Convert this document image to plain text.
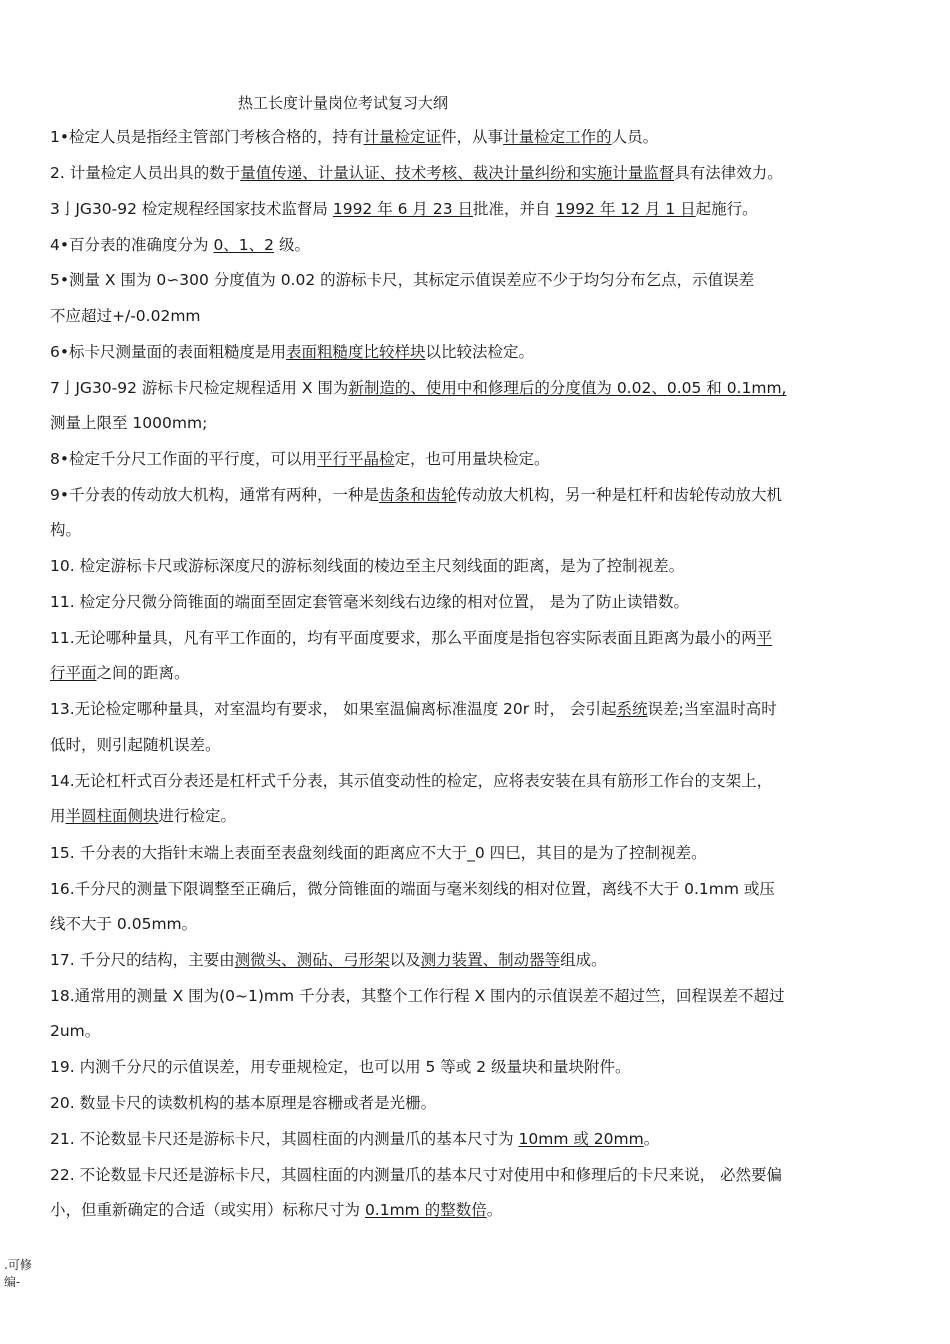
热工长度计量岗位考试复习大纲
1•检定人员是指经主管部门考核合格的，持有计量检定证件，从事计量检定工作的人员。
2. 计量检定人员出具的数于量值传递、计量认证、技术考核、裁决计量纠纷和实施计量监督具有法律效力。
3亅JG30-92 检定规程经国家技术监督局 1992 年 6 月 23 日批准，并自 1992 年 12 月 1 日起施行。
4•百分表的准确度分为 0、1、2 级。
5•测量 X 围为 0∽300 分度值为 0.02 的游标卡尺，其标定示值误差应不少于均匀分布乞点，示值误差
不应超过+/-0.02mm
6•标卡尺测量面的表面粗糙度是用表面粗糙度比较样块以比较法检定。
7亅JG30-92 游标卡尺检定规程适用 X 围为新制造的、使用中和修理后的分度值为 0.02、0.05 和 0.1mm,
测量上限至 1000mm;
8•检定千分尺工作面的平行度，可以用平行平晶检定，也可用量块检定。
9•千分表的传动放大机构，通常有两种，一种是齿条和齿轮传动放大机构，另一种是杠杆和齿轮传动放大机
构。
10. 检定游标卡尺或游标深度尺的游标刻线面的棱边至主尺刻线面的距离，是为了控制视差。
11. 检定分尺微分筒锥面的端面至固定套管毫米刻线右边缘的相对位置， 是为了防止读错数。
11.无论哪种量具，凡有平工作面的，均有平面度要求，那么平面度是指包容实际表面且距离为最小的两平
行平面之间的距离。
13.无论检定哪种量具，对室温均有要求， 如果室温偏离标准温度 20r 时， 会引起系统误差;当室温时高时
低时，则引起随机误差。
14.无论杠杆式百分表还是杠杆式千分表，其示值变动性的检定，应将表安装在具有筋形工作台的支架上，
用半圆柱面侧块进行检定。
15. 千分表的大指针末端上表面至表盘刻线面的距离应不大于_0 四巳，其目的是为了控制视差。
16.千分尺的测量下限调整至正确后，微分筒锥面的端面与毫米刻线的相对位置，离线不大于 0.1mm 或压
线不大于 0.05mm。
17. 千分尺的结构，主要由测微头、测砧、弓形架以及测力装置、制动器等组成。
18.通常用的测量 X 围为(0~1)mm 千分表，其整个工作行程 X 围内的示值误差不超过竺，回程误差不超过
2um。
19. 内测千分尺的示值误差，用专亜规检定，也可以用 5 等或 2 级量块和量块附件。
20. 数显卡尺的读数机构的基本原理是容栅或者是光栅。
21. 不论数显卡尺还是游标卡尺，其圆柱面的内测量爪的基本尺寸为 10mm 或 20mm。
22. 不论数显卡尺还是游标卡尺，其圆柱面的内测量爪的基本尺寸对使用中和修理后的卡尺来说， 必然要偏
小，但重新确定的合适（或实用）标称尺寸为 0.1mm 的整数倍。
.可修
编-
